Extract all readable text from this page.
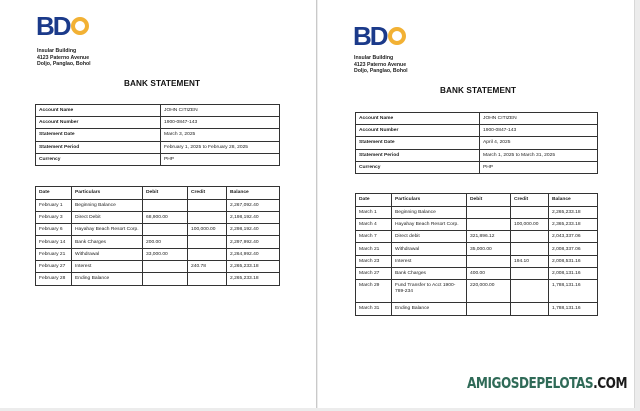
B D
Insular Building
4123 Paterno Avenue
Doljo, Panglao, Bohol
BANK STATEMENT
Account Name	JOHN CITIZEN
Account Number	1900-0847-143
Statement Date	March 3, 2025
Statement Period	February 1, 2025 to February 28, 2025
Currency	PHP
Date	Particulars	Debit	Credit	Balance
February 1	Beginning Balance			2,267,092.40
February 3	Direct Debit	68,900.00		2,198,192.40
February 6	Hayahay Beach Resort Corp.		100,000.00	2,298,192.40
February 14	Bank Charges	200.00		2,297,992.40
February 21	Withdrawal	33,000.00		2,264,992.40
February 27	Interest		240.78	2,265,233.18
February 28	Ending Balance			2,265,233.18
B D
Insular Building
4123 Paterno Avenue
Doljo, Panglao, Bohol
BANK STATEMENT
Account Name	JOHN CITIZEN
Account Number	1900-0847-143
Statement Date	April 4, 2025
Statement Period	March 1, 2025 to March 31, 2025
Currency	PHP
Date	Particulars	Debit	Credit	Balance
March 1	Beginning Balance			2,265,233.18
March 4	Hayahay Beach Resort Corp.		100,000.00	2,365,233.18
March 7	Direct debit	321,896.12		2,043,337.06
March 21	Withdrawal	35,000.00		2,008,337.06
March 23	Interest		194.10	2,008,531.16
March 27	Bank Charges	400.00		2,008,131.16
March 29	Fund Transfer to Acct 1900-789-234	220,000.00		1,788,131.16
March 31	Ending Balance			1,788,131.16
AMIGOSDEPELOTAS.COM
